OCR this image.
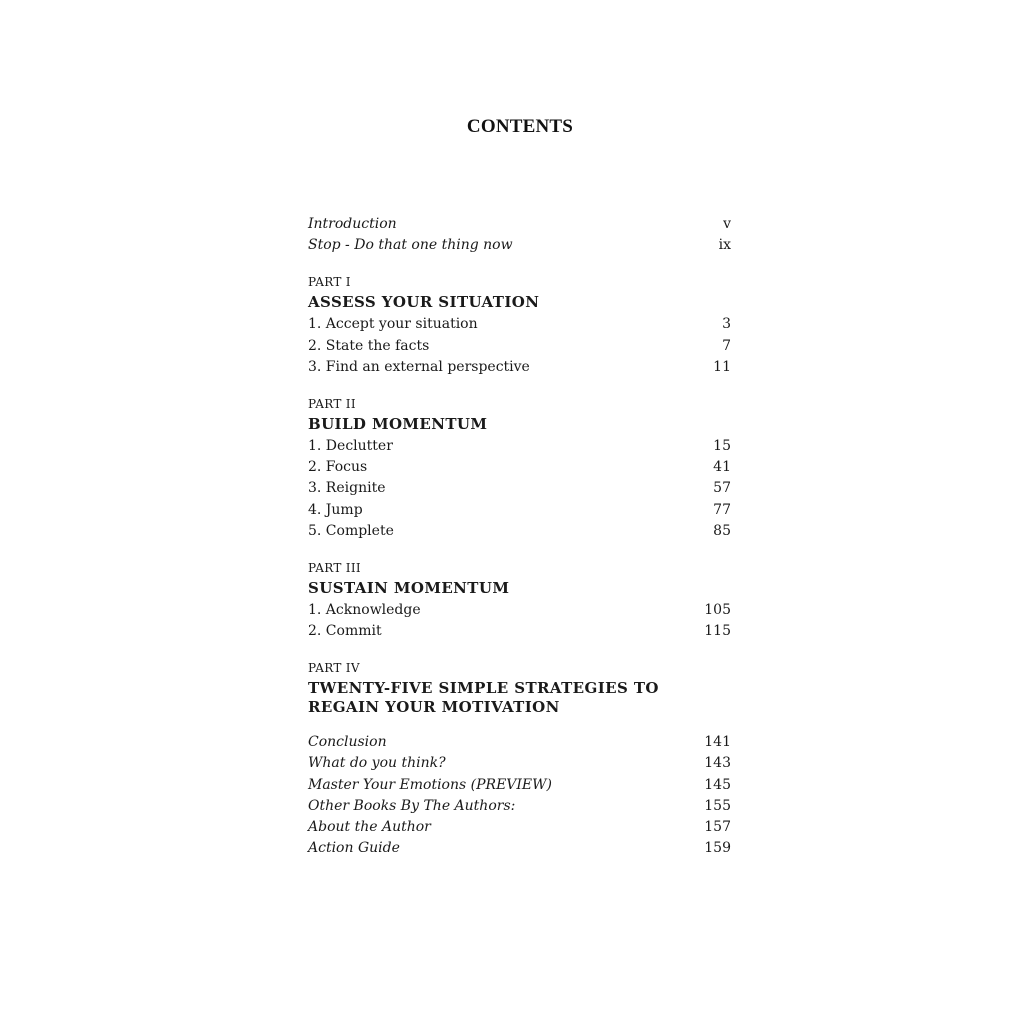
CONTENTS
Introduction	v
Stop - Do that one thing now	ix
PART I
ASSESS YOUR SITUATION
1. Accept your situation	3
2. State the facts	7
3. Find an external perspective	11
PART II
BUILD MOMENTUM
1. Declutter	15
2. Focus	41
3. Reignite	57
4. Jump	77
5. Complete	85
PART III
SUSTAIN MOMENTUM
1. Acknowledge	105
2. Commit	115
PART IV
TWENTY-FIVE SIMPLE STRATEGIES TO
REGAIN YOUR MOTIVATION
Conclusion	141
What do you think?	143
Master Your Emotions (PREVIEW)	145
Other Books By The Authors:	155
About the Author	157
Action Guide	159
